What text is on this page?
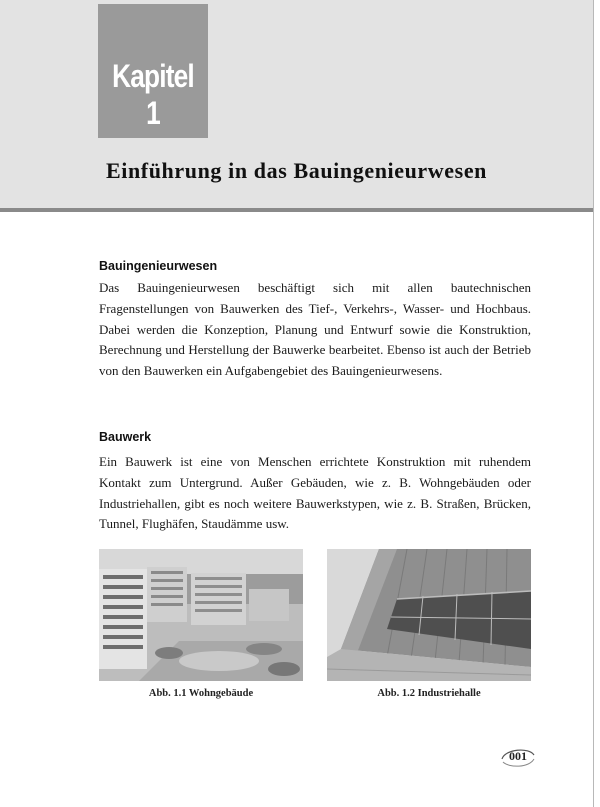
Kapitel 1
Einführung in das Bauingenieurwesen
Bauingenieurwesen
Das Bauingenieurwesen beschäftigt sich mit allen bautechnischen Fragenstellungen von Bauwerken des Tief-, Verkehrs-, Wasser- und Hochbaus. Dabei werden die Konzeption, Planung und Entwurf sowie die Konstruktion, Berechnung und Herstellung der Bauwerke bearbeitet. Ebenso ist auch der Betrieb von den Bauwerken ein Aufgabengebiet des Bauingenieurwesens.
Bauwerk
Ein Bauwerk ist eine von Menschen errichtete Konstruktion mit ruhendem Kontakt zum Untergrund. Außer Gebäuden, wie z. B. Wohngebäuden oder Industriehallen, gibt es noch weitere Bauwerkstypen, wie z. B. Straßen, Brücken, Tunnel, Flughäfen, Staudämme usw.
Abb. 1.1 Wohngebäude	Abb. 1.2 Industriehalle
001
